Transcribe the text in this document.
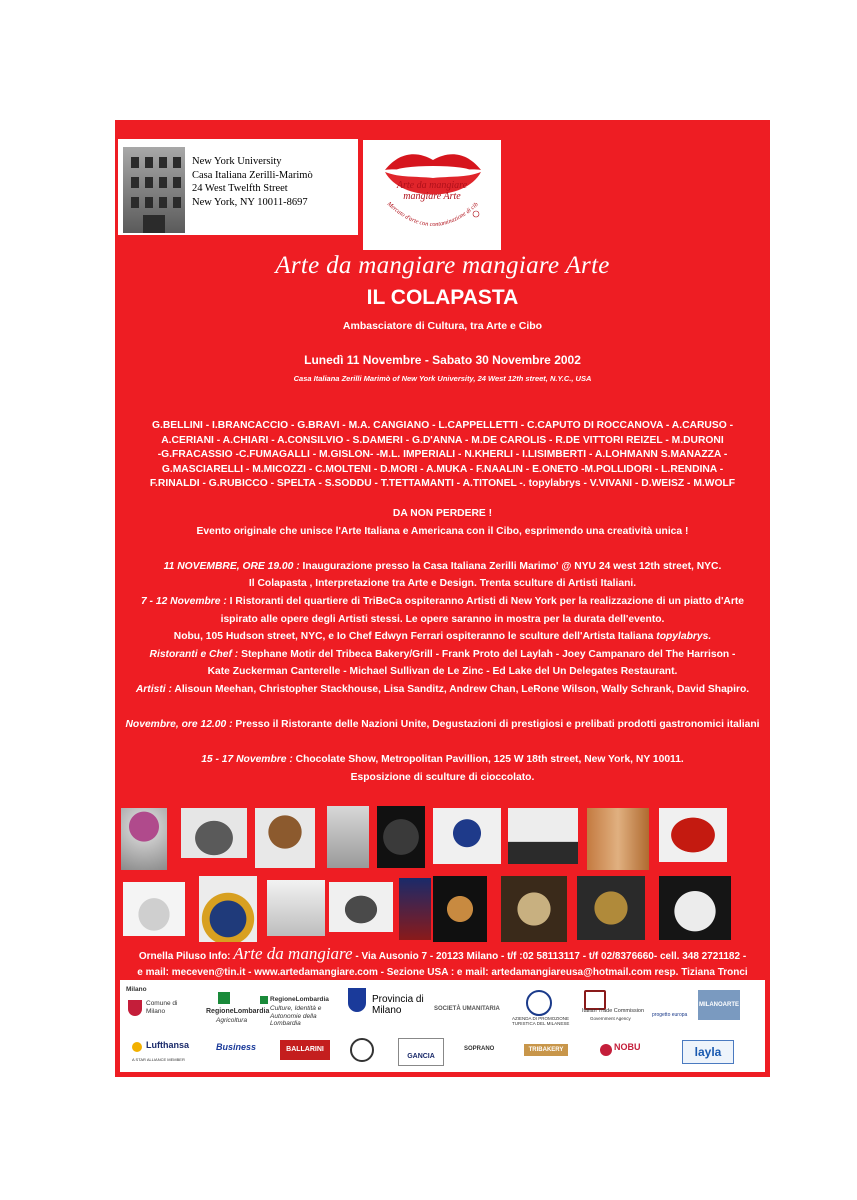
New York University
Casa Italiana Zerilli-Marimò
24 West Twelfth Street
New York, NY 10011-8697
Arte da mangiare
mangiare Arte
Mercato d'arte con contaminazione di cib
Arte da mangiare mangiare Arte
IL COLAPASTA
Ambasciatore di Cultura, tra Arte e Cibo
Lunedì 11 Novembre - Sabato 30 Novembre 2002
Casa Italiana Zerilli Marimò of New York University, 24 West 12th street, N.Y.C., USA
G.BELLINI - I.BRANCACCIO - G.BRAVI - M.A. CANGIANO - L.CAPPELLETTI - C.CAPUTO DI ROCCANOVA - A.CARUSO -
A.CERIANI - A.CHIARI - A.CONSILVIO - S.DAMERI - G.D'ANNA - M.DE CAROLIS - R.DE VITTORI REIZEL - M.DURONI
-G.FRACASSIO -C.FUMAGALLI - M.GISLON- -M.L. IMPERIALI - N.KHERLI - I.LISIMBERTI - A.LOHMANN S.MANAZZA -
G.MASCIARELLI - M.MICOZZI - C.MOLTENI - D.MORI - A.MUKA - F.NAALIN - E.ONETO -M.POLLIDORI - L.RENDINA -
F.RINALDI - G.RUBICCO - SPELTA - S.SODDU - T.TETTAMANTI - A.TITONEL -. topylabrys - V.VIVANI - D.WEISZ - M.WOLF
DA NON PERDERE !
Evento originale che unisce l'Arte Italiana e Americana con il Cibo, esprimendo una creatività unica !
11 NOVEMBRE, ORE 19.00 : Inaugurazione presso la Casa Italiana Zerilli Marimo' @ NYU 24 west 12th street, NYC.
Il Colapasta , Interpretazione tra Arte e Design. Trenta sculture di Artisti Italiani.
7 - 12 Novembre : I Ristoranti del quartiere di TriBeCa ospiteranno Artisti di New York per la realizzazione di un piatto d'Arte
ispirato alle opere degli Artisti stessi. Le opere saranno in mostra per la durata dell'evento.
Nobu, 105 Hudson street, NYC, e Io Chef Edwyn Ferrari ospiteranno le sculture dell'Artista Italiana topylabrys.
Ristoranti e Chef : Stephane Motir del Tribeca Bakery/Grill - Frank Proto del Laylah - Joey Campanaro del The Harrison -
Kate Zuckerman Canterelle - Michael Sullivan de Le Zinc - Ed Lake del Un Delegates Restaurant.
Artisti : Alisoun Meehan, Christopher Stackhouse, Lisa Sanditz, Andrew Chan, LeRone Wilson, Wally Schrank, David Shapiro.
Novembre, ore 12.00 : Presso il Ristorante delle Nazioni Unite, Degustazioni di prestigiosi e prelibati prodotti gastronomici italiani
15 - 17 Novembre : Chocolate Show, Metropolitan Pavillion, 125 W 18th street, New York, NY 10011.
Esposizione di sculture di cioccolato.
Ornella Piluso Info: Arte da mangiare - Via Ausonio 7 - 20123 Milano - t/f :02 58113117 - t/f 02/8376660- cell. 348 2721182 -
e mail: meceven@tin.it - www.artedamangiare.com - Sezione USA : e mail: artedamangiareusa@hotmail.com resp. Tiziana Tronci
Milano
Comune di Milano	RegioneLombardia
Agricoltura
RegioneLombardia
Culture, Identità e Autonomie della Lombardia
Provincia di Milano	SOCIETÀ UMANITARIA
AZIENDA DI PROMOZIONE TURISTICA DEL MILANESE
Italian Trade Commission
Government Agency
progetto europa
MILANOARTE
Lufthansa
A STAR ALLIANCE MEMBER
Business	BALLARINI
GANCIA
SOPRANO	TRIBAKERY	NOBU	layla
